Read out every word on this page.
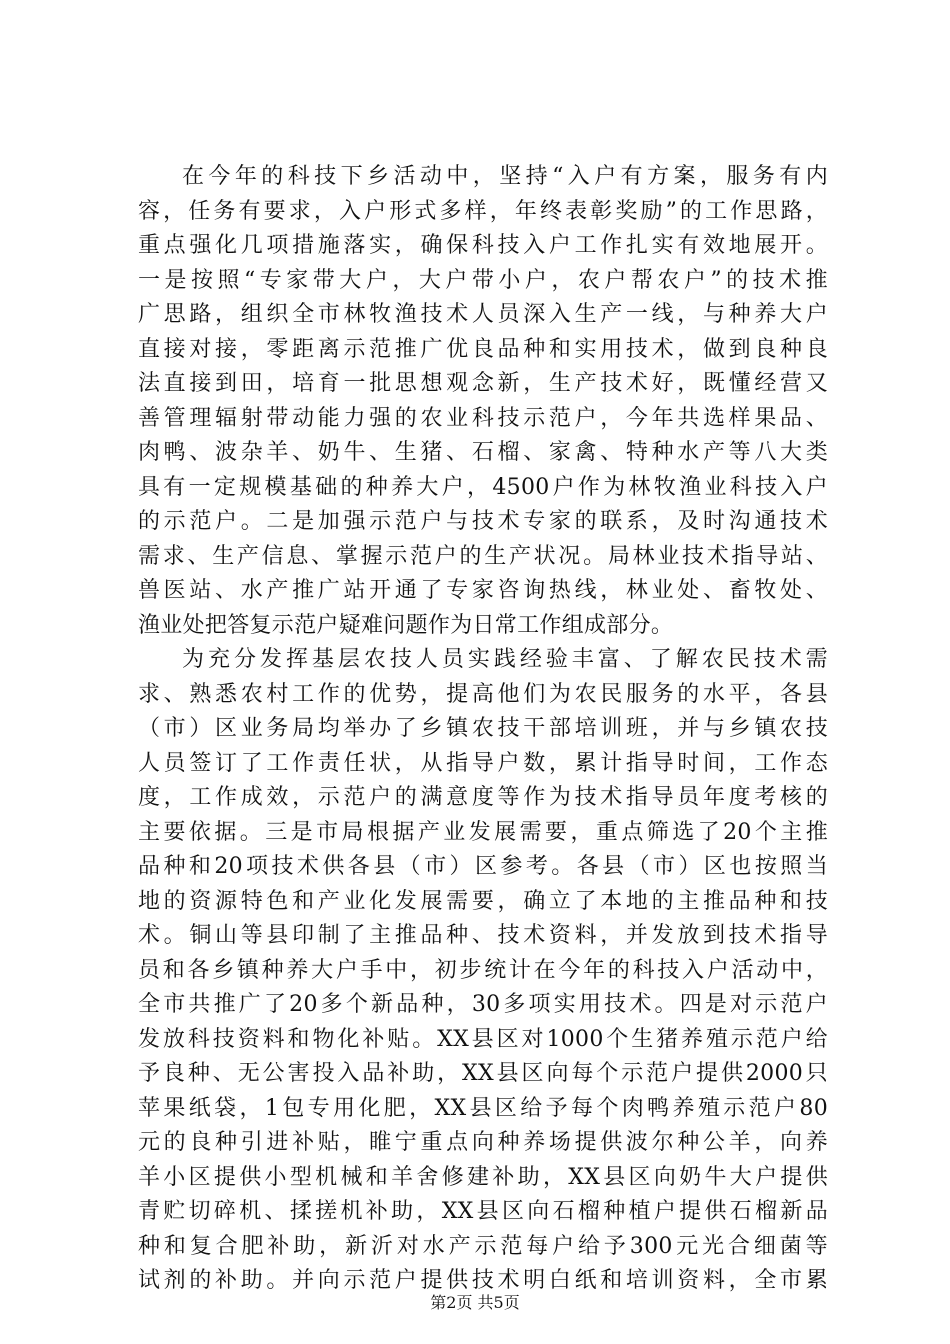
在今年的科技下乡活动中，坚持“入户有方案，服务有内
容，任务有要求，入户形式多样，年终表彰奖励”的工作思路，
重点强化几项措施落实，确保科技入户工作扎实有效地展开。
一是按照“专家带大户，大户带小户，农户帮农户”的技术推
广思路，组织全市林牧渔技术人员深入生产一线，与种养大户
直接对接，零距离示范推广优良品种和实用技术，做到良种良
法直接到田，培育一批思想观念新，生产技术好，既懂经营又
善管理辐射带动能力强的农业科技示范户，今年共选样果品、
肉鸭、波杂羊、奶牛、生猪、石榴、家禽、特种水产等八大类
具有一定规模基础的种养大户，4500户作为林牧渔业科技入户
的示范户。二是加强示范户与技术专家的联系，及时沟通技术
需求、生产信息、掌握示范户的生产状况。局林业技术指导站、
兽医站、水产推广站开通了专家咨询热线，林业处、畜牧处、
渔业处把答复示范户疑难问题作为日常工作组成部分。
为充分发挥基层农技人员实践经验丰富、了解农民技术需
求、熟悉农村工作的优势，提高他们为农民服务的水平，各县
（市）区业务局均举办了乡镇农技干部培训班，并与乡镇农技
人员签订了工作责任状，从指导户数，累计指导时间，工作态
度，工作成效，示范户的满意度等作为技术指导员年度考核的
主要依据。三是市局根据产业发展需要，重点筛选了20个主推
品种和20项技术供各县（市）区参考。各县（市）区也按照当
地的资源特色和产业化发展需要，确立了本地的主推品种和技
术。铜山等县印制了主推品种、技术资料，并发放到技术指导
员和各乡镇种养大户手中，初步统计在今年的科技入户活动中，
全市共推广了20多个新品种，30多项实用技术。四是对示范户
发放科技资料和物化补贴。XX县区对1000个生猪养殖示范户给
予良种、无公害投入品补助，XX县区向每个示范户提供2000只
苹果纸袋，1包专用化肥，XX县区给予每个肉鸭养殖示范户80
元的良种引进补贴，睢宁重点向种养场提供波尔种公羊，向养
羊小区提供小型机械和羊舍修建补助，XX县区向奶牛大户提供
青贮切碎机、揉搓机补助，XX县区向石榴种植户提供石榴新品
种和复合肥补助，新沂对水产示范每户给予300元光合细菌等
试剂的补助。并向示范户提供技术明白纸和培训资料，全市累
第2页 共5页
